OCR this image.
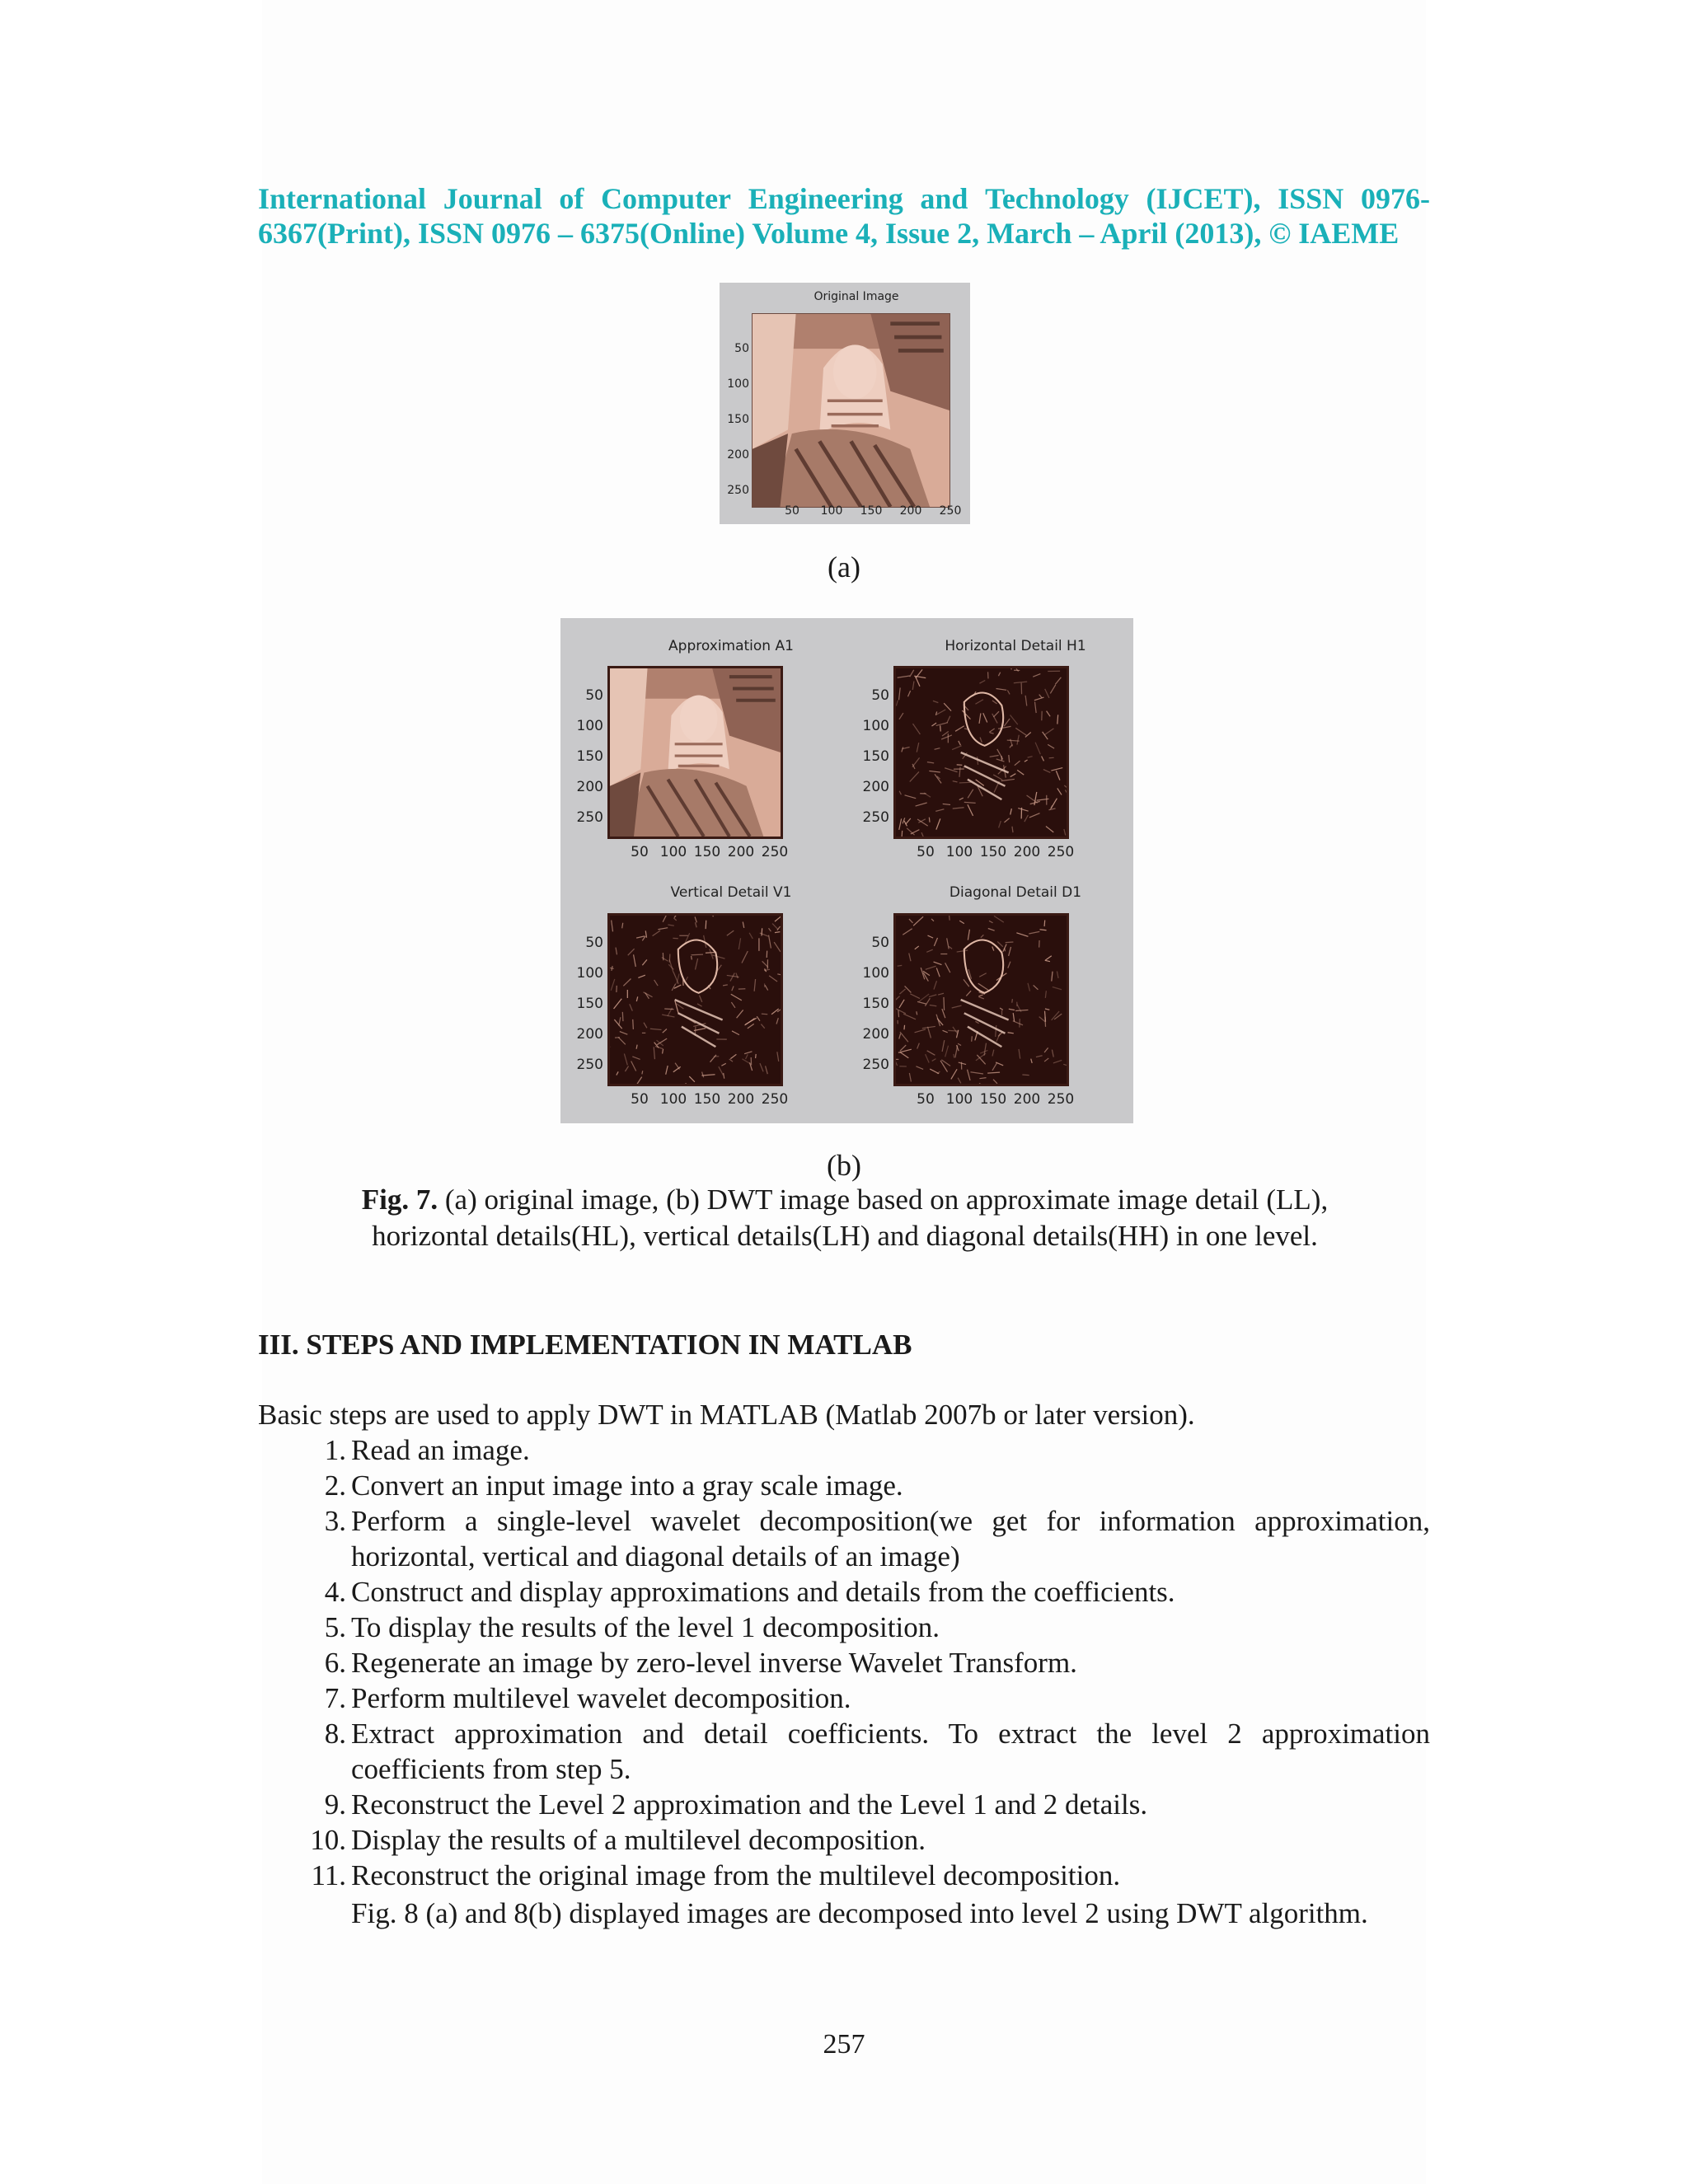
International Journal of Computer Engineering and Technology (IJCET), ISSN 0976-
6367(Print), ISSN 0976 – 6375(Online) Volume 4, Issue 2, March – April (2013), © IAEME
Original Image
50
100
150
200
250
50 100 150 200 250
(a)
Approximation A1
50
100
150
200
250
50 100 150 200 250
Horizontal Detail H1
50
100
150
200
250
50 100 150 200 250
Vertical Detail V1
50
100
150
200
250
50 100 150 200 250
Diagonal Detail D1
50
100
150
200
250
50 100 150 200 250
(b)
Fig. 7. (a) original image, (b) DWT image based on approximate image detail (LL),
horizontal details(HL), vertical details(LH) and diagonal details(HH) in one level.
III. STEPS AND IMPLEMENTATION IN MATLAB
Basic steps are used to apply DWT in MATLAB (Matlab 2007b or later version).
1. Read an image.
2. Convert an input image into a gray scale image.
3. Perform a single-level wavelet decomposition(we get for information approximation, horizontal, vertical and diagonal details of an image)
4. Construct and display approximations and details from the coefficients.
5. To display the results of the level 1 decomposition.
6. Regenerate an image by zero-level inverse Wavelet Transform.
7. Perform multilevel wavelet decomposition.
8. Extract approximation and detail coefficients. To extract the level 2 approximation coefficients from step 5.
9. Reconstruct the Level 2 approximation and the Level 1 and 2 details.
10. Display the results of a multilevel decomposition.
11. Reconstruct the original image from the multilevel decomposition.
Fig. 8 (a) and 8(b) displayed images are decomposed into level 2 using DWT algorithm.
257
